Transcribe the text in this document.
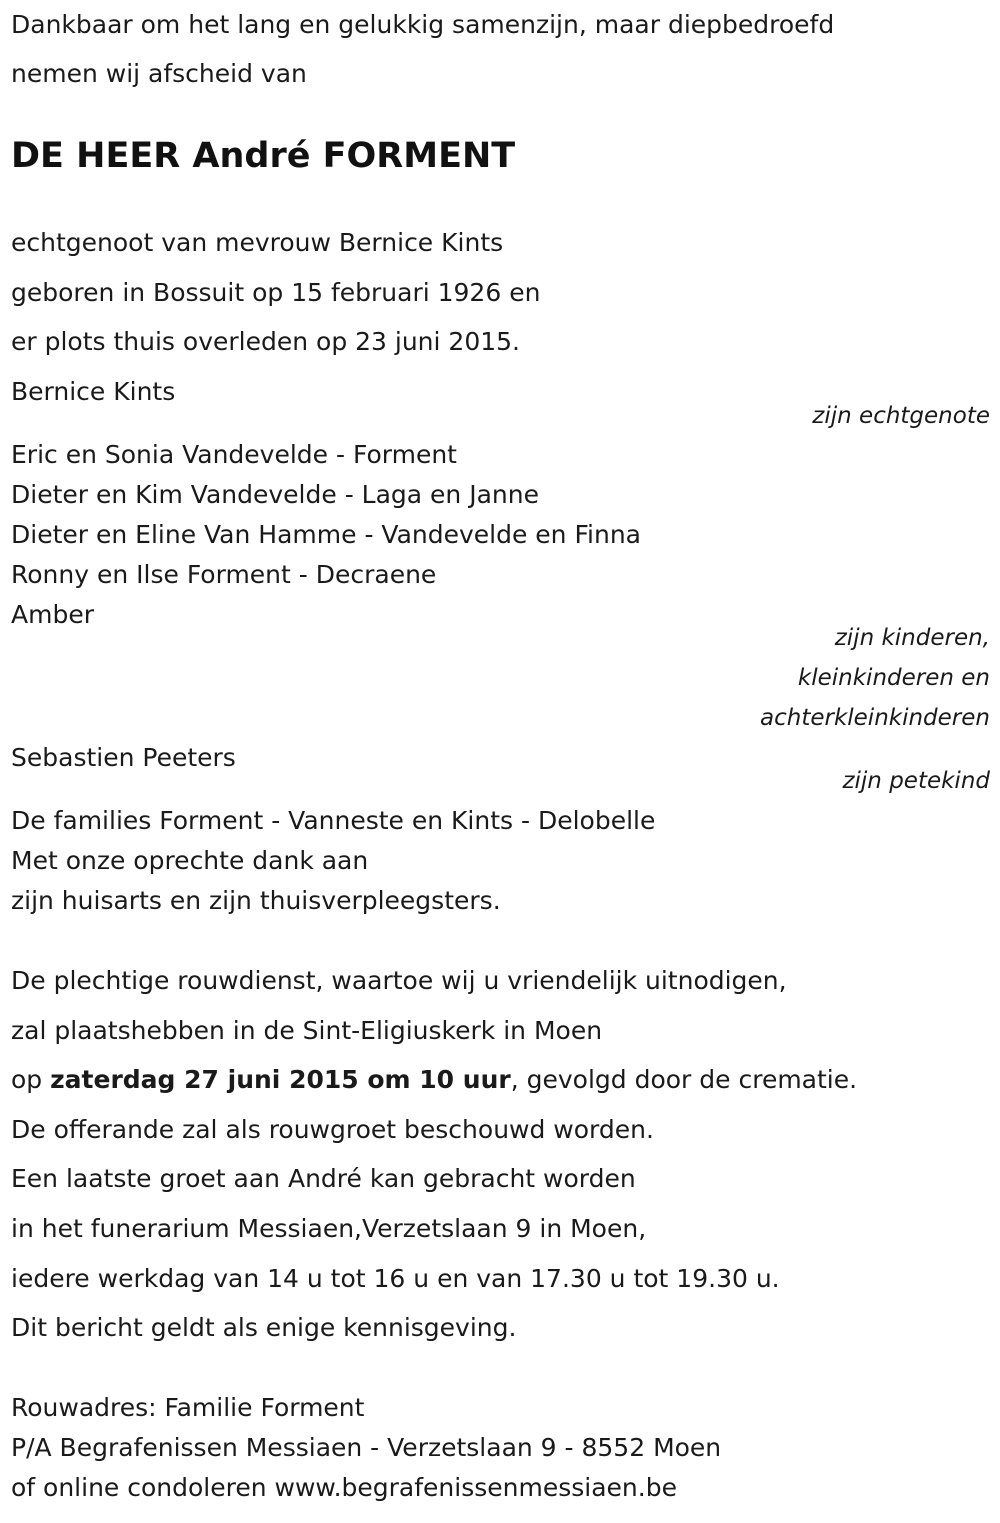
Dankbaar om het lang en gelukkig samenzijn, maar diepbedroefd
nemen wij afscheid van
DE HEER André FORMENT
echtgenoot van mevrouw Bernice Kints
geboren in Bossuit op 15 februari 1926 en
er plots thuis overleden op 23 juni 2015.
Bernice Kints
zijn echtgenote
Eric en Sonia Vandevelde - Forment
Dieter en Kim Vandevelde - Laga en Janne
Dieter en Eline Van Hamme - Vandevelde en Finna
Ronny en Ilse Forment - Decraene
Amber
zijn kinderen,
kleinkinderen en
achterkleinkinderen
Sebastien Peeters
zijn petekind
De families Forment - Vanneste en Kints - Delobelle
Met onze oprechte dank aan
zijn huisarts en zijn thuisverpleegsters.
De plechtige rouwdienst, waartoe wij u vriendelijk uitnodigen,
zal plaatshebben in de Sint-Eligiuskerk in Moen
op zaterdag 27 juni 2015 om 10 uur, gevolgd door de crematie.
De offerande zal als rouwgroet beschouwd worden.
Een laatste groet aan André kan gebracht worden
in het funerarium Messiaen,Verzetslaan 9 in Moen,
iedere werkdag van 14 u tot 16 u en van 17.30 u tot 19.30 u.
Dit bericht geldt als enige kennisgeving.
Rouwadres: Familie Forment
P/A Begrafenissen Messiaen - Verzetslaan 9 - 8552 Moen
of online condoleren www.begrafenissenmessiaen.be
